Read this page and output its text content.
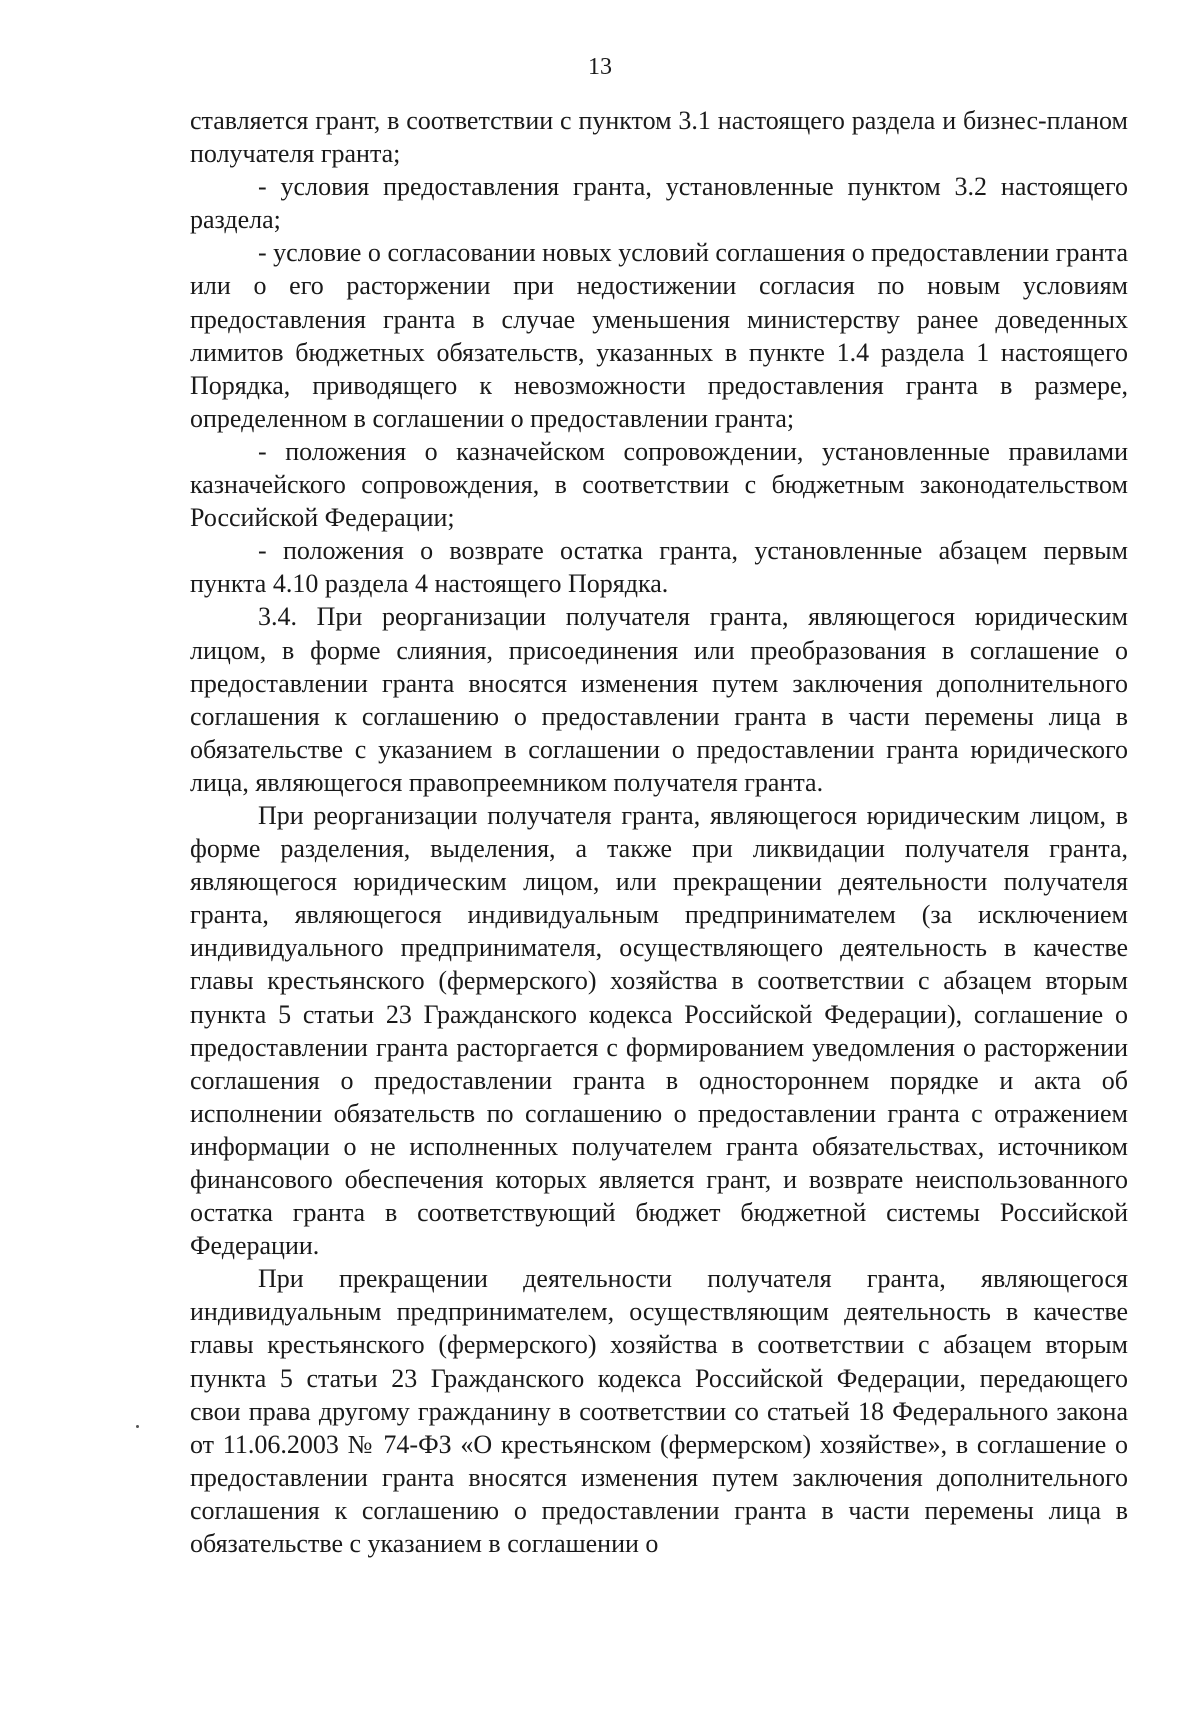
13

ставляется грант, в соответствии с пунктом 3.1 настоящего раздела и бизнес-планом получателя гранта;

- условия предоставления гранта, установленные пунктом 3.2 настоящего раздела;

- условие о согласовании новых условий соглашения о предоставлении гранта или о его расторжении при недостижении согласия по новым условиям предоставления гранта в случае уменьшения министерству ранее доведенных лимитов бюджетных обязательств, указанных в пункте 1.4 раздела 1 настоящего Порядка, приводящего к невозможности предоставления гранта в размере, определенном в соглашении о предоставлении гранта;

- положения о казначейском сопровождении, установленные правилами казначейского сопровождения, в соответствии с бюджетным законодательством Российской Федерации;

- положения о возврате остатка гранта, установленные абзацем первым пункта 4.10 раздела 4 настоящего Порядка.

3.4. При реорганизации получателя гранта, являющегося юридическим лицом, в форме слияния, присоединения или преобразования в соглашение о предоставлении гранта вносятся изменения путем заключения дополнительного соглашения к соглашению о предоставлении гранта в части перемены лица в обязательстве с указанием в соглашении о предоставлении гранта юридического лица, являющегося правопреемником получателя гранта.

При реорганизации получателя гранта, являющегося юридическим лицом, в форме разделения, выделения, а также при ликвидации получателя гранта, являющегося юридическим лицом, или прекращении деятельности получателя гранта, являющегося индивидуальным предпринимателем (за исключением индивидуального предпринимателя, осуществляющего деятельность в качестве главы крестьянского (фермерского) хозяйства в соответствии с абзацем вторым пункта 5 статьи 23 Гражданского кодекса Российской Федерации), соглашение о предоставлении гранта расторгается с формированием уведомления о расторжении соглашения о предоставлении гранта в одностороннем порядке и акта об исполнении обязательств по соглашению о предоставлении гранта с отражением информации о не исполненных получателем гранта обязательствах, источником финансового обеспечения которых является грант, и возврате неиспользованного остатка гранта в соответствующий бюджет бюджетной системы Российской Федерации.

При прекращении деятельности получателя гранта, являющегося индивидуальным предпринимателем, осуществляющим деятельность в качестве главы крестьянского (фермерского) хозяйства в соответствии с абзацем вторым пункта 5 статьи 23 Гражданского кодекса Российской Федерации, передающего свои права другому гражданину в соответствии со статьей 18 Федерального закона от 11.06.2003 № 74-ФЗ «О крестьянском (фермерском) хозяйстве», в соглашение о предоставлении гранта вносятся изменения путем заключения дополнительного соглашения к соглашению о предоставлении гранта в части перемены лица в обязательстве с указанием в соглашении о
